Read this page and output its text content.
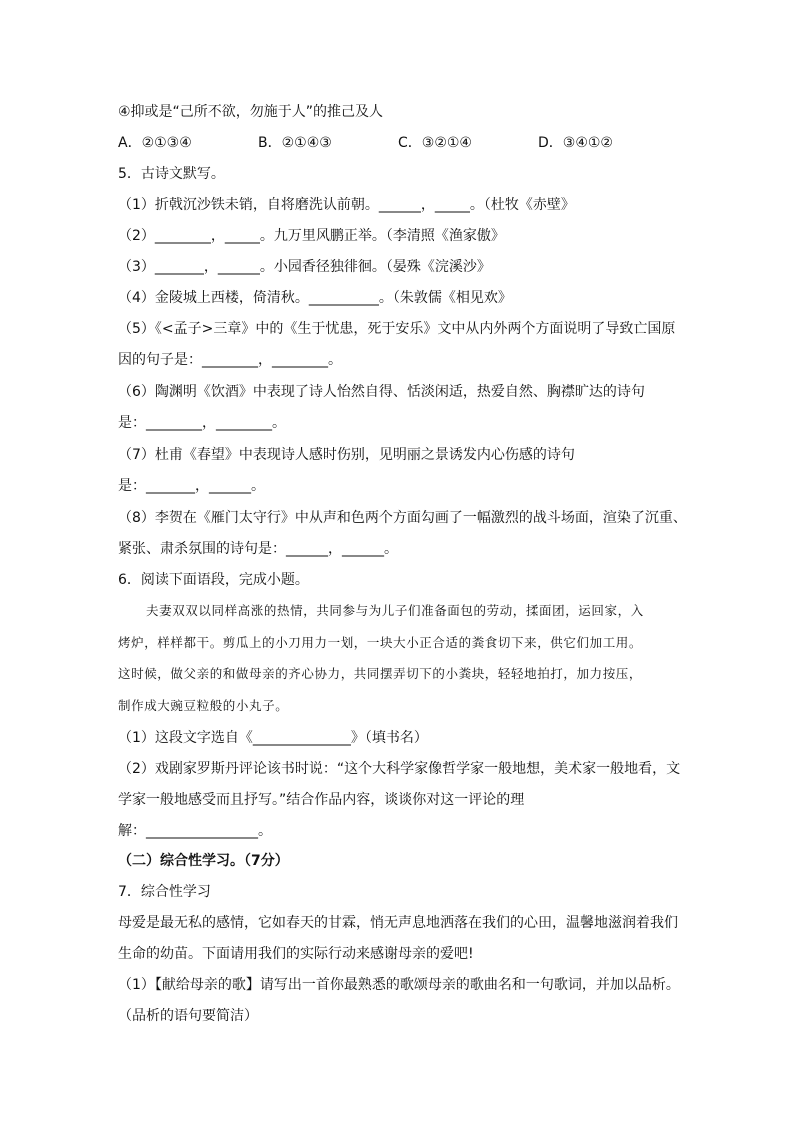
④抑或是“己所不欲，勿施于人”的推己及人
A．②①③④	B．②①④③	C．③②①④	D．③④①②
5．古诗文默写。
（1）折戟沉沙铁未销，自将磨洗认前朝。______，_____。（杜牧《赤壁》
（2）________，_____。九万里风鹏正举。（李清照《渔家傲》
（3）_______，______。小园香径独徘徊。（晏殊《浣溪沙》
（4）金陵城上西楼，倚清秋。__________。（朱敦儒《相见欢》
（5）《<孟子>三章》中的《生于忧患，死于安乐》文中从内外两个方面说明了导致亡国原
因的句子是：________，________。
（6）陶渊明《饮酒》中表现了诗人怡然自得、恬淡闲适，热爱自然、胸襟旷达的诗句
是：________，________。
（7）杜甫《春望》中表现诗人感时伤别，见明丽之景诱发内心伤感的诗句
是：_______，______。
（8）李贺在《雁门太守行》中从声和色两个方面勾画了一幅激烈的战斗场面，渲染了沉重、
紧张、肃杀氛围的诗句是：______，______。
6．阅读下面语段，完成小题。
夫妻双双以同样高涨的热情，共同参与为儿子们准备面包的劳动，揉面团，运回家，入
烤炉，样样都干。剪瓜上的小刀用力一划，一块大小正合适的粪食切下来，供它们加工用。
这时候，做父亲的和做母亲的齐心协力，共同摆弄切下的小粪块，轻轻地拍打，加力按压，
制作成大豌豆粒般的小丸子。
（1）这段文字选自《______________》（填书名）
（2）戏剧家罗斯丹评论该书时说：“这个大科学家像哲学家一般地想，美术家一般地看，文
学家一般地感受而且抒写。”结合作品内容，谈谈你对这一评论的理
解：________________。
（二）综合性学习。（7分）
7．综合性学习
母爱是最无私的感情，它如春天的甘霖，悄无声息地洒落在我们的心田，温馨地滋润着我们
生命的幼苗。下面请用我们的实际行动来感谢母亲的爱吧!
（1）【献给母亲的歌】请写出一首你最熟悉的歌颂母亲的歌曲名和一句歌词，并加以品析。
（品析的语句要简洁）
